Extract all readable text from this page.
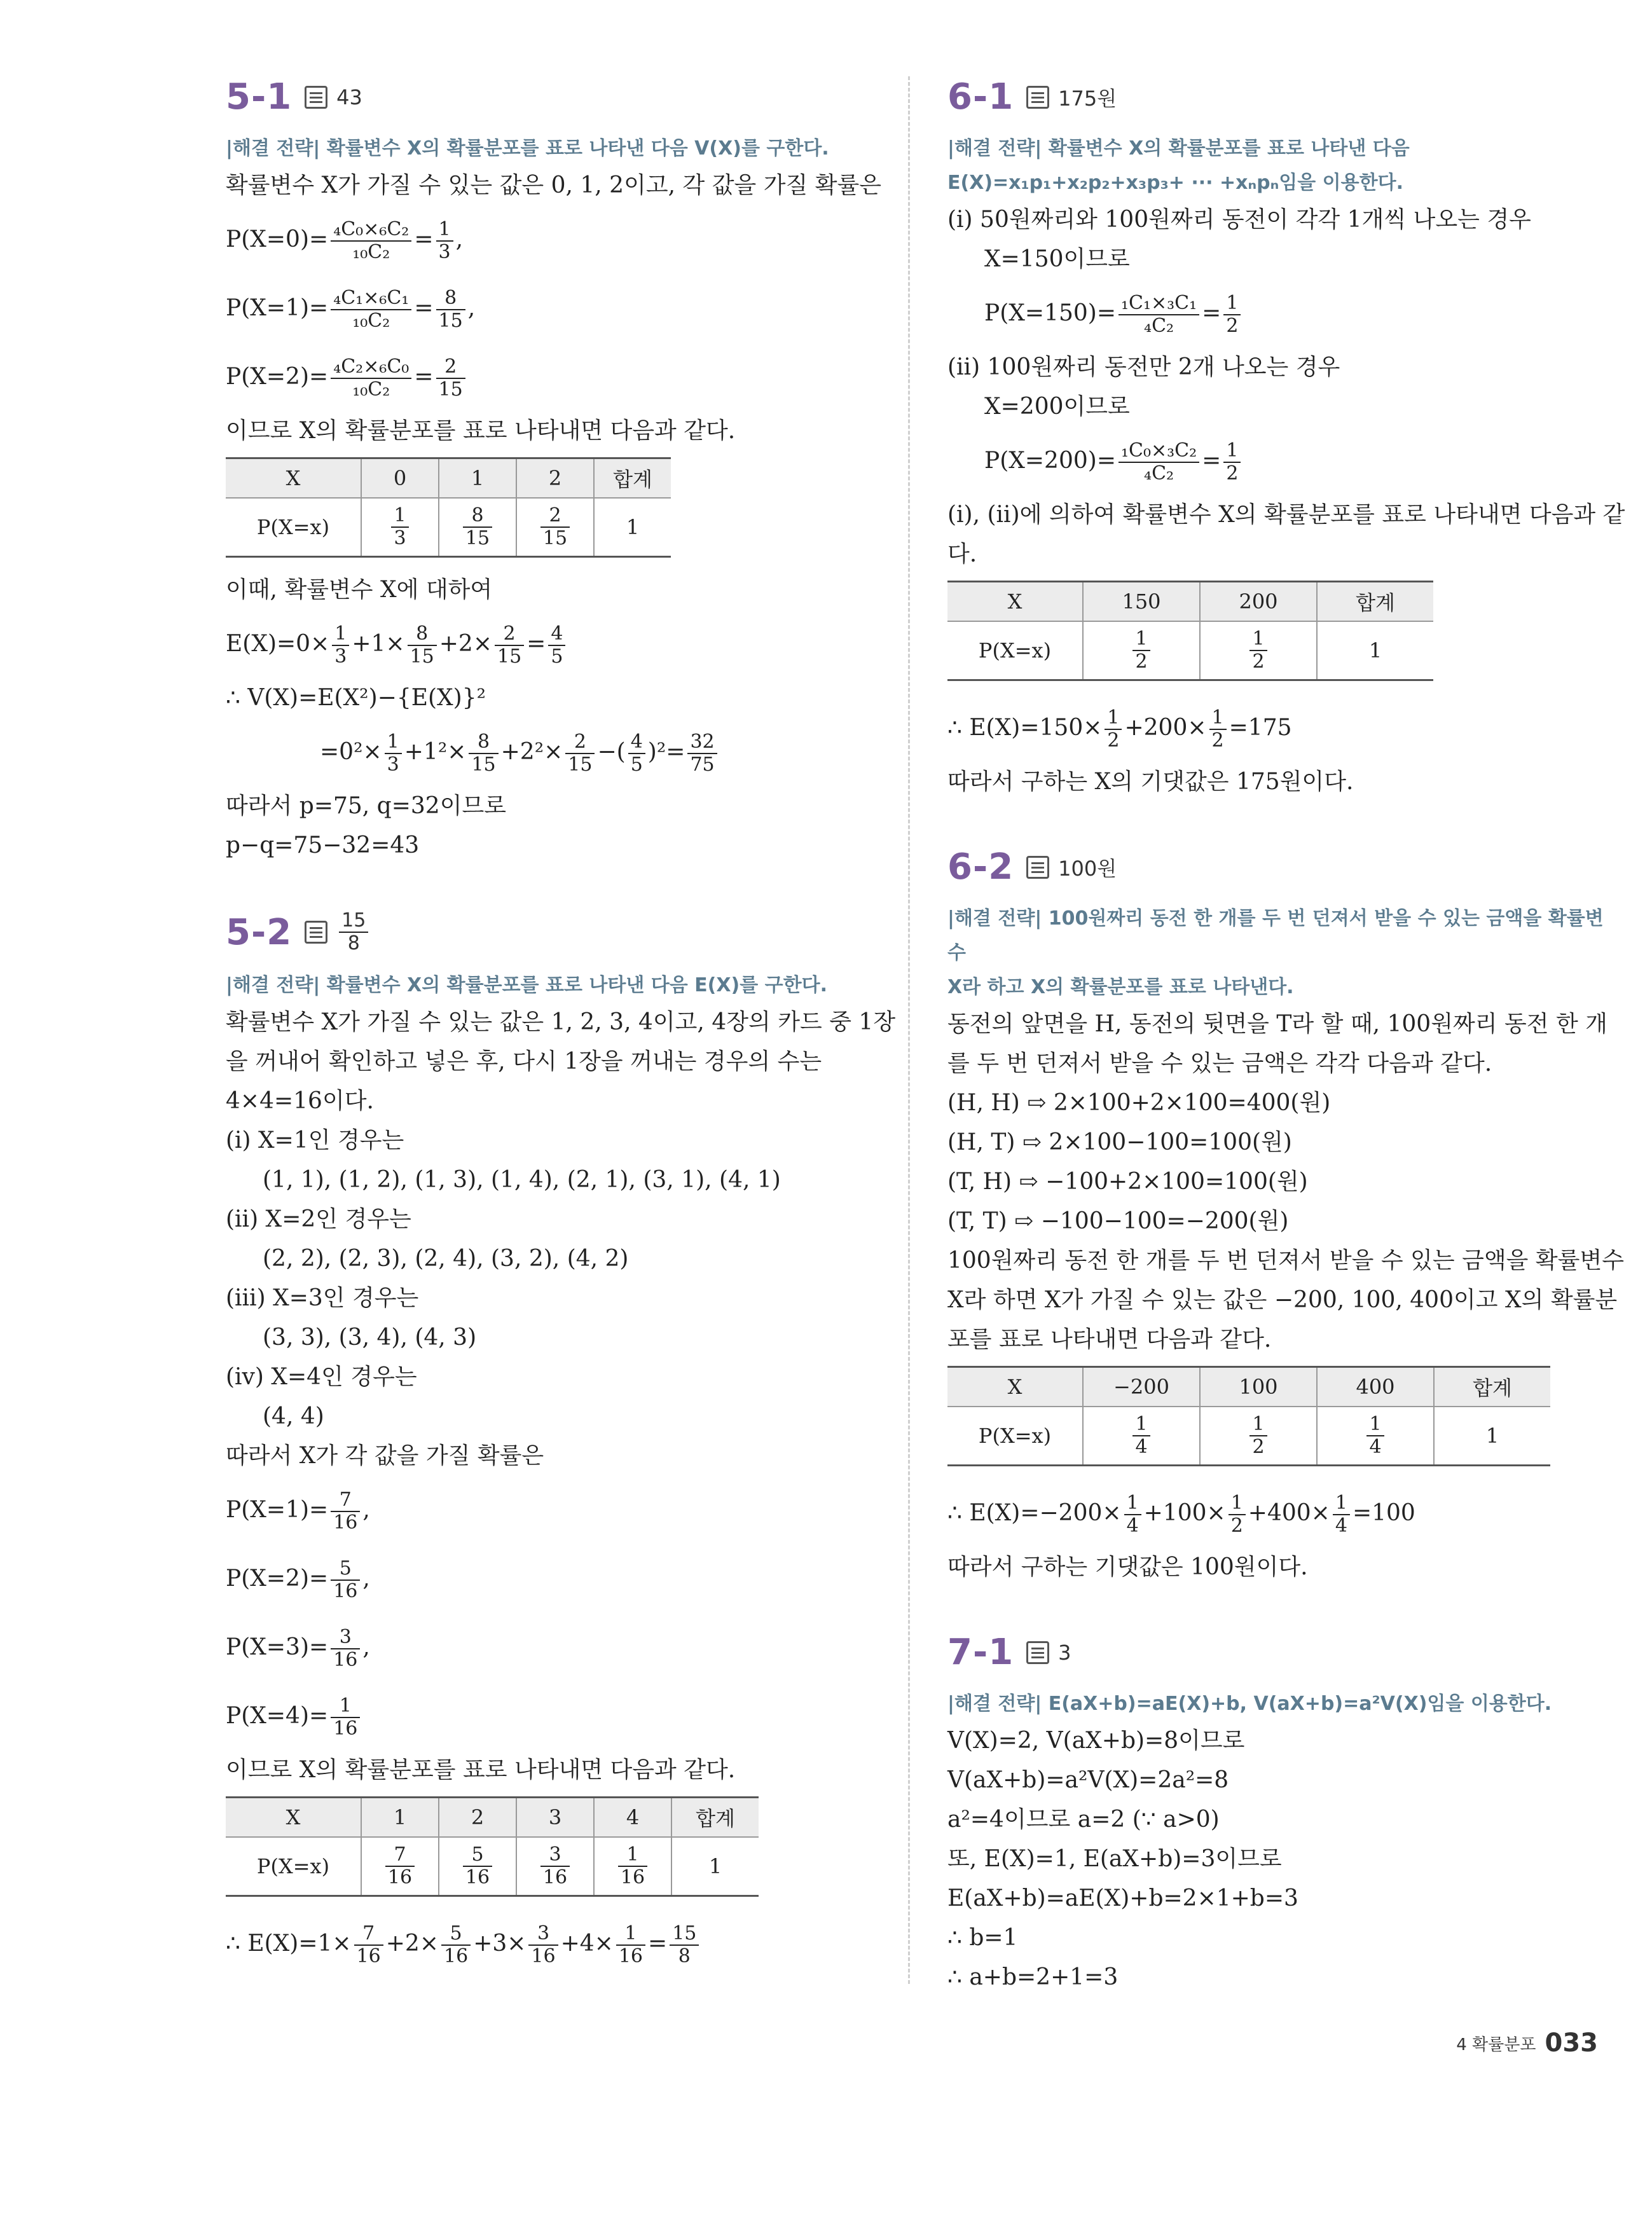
5-1 43
|해결 전략| 확률변수 X의 확률분포를 표로 나타낸 다음 V(X)를 구한다.
확률변수 X가 가질 수 있는 값은 0, 1, 2이고, 각 값을 가질 확률은
$P(X=0)= \frac{\text{₄C₀×₆C₂}}{\text{₁₀C₂}} = \frac{1}{3}$ ,
$P(X=1)= \frac{\text{₄C₁×₆C₁}}{\text{₁₀C₂}} = \frac{8}{15}$ ,
$P(X=2)= \frac{\text{₄C₂×₆C₀}}{\text{₁₀C₂}} = \frac{2}{15}$
이므로 X의 확률분포를 표로 나타내면 다음과 같다.
X	0	1	2	합계
P(X=x)	$\frac{1}{3}$	$\frac{8}{15}$	$\frac{2}{15}$	1
이때, 확률변수 X에 대하여
$E(X)=0\times \frac{1}{3} +1\times \frac{8}{15} +2\times \frac{2}{15} = \frac{4}{5}$
∴ V(X)=E(X²)−{E(X)}²
$=0^2\times \frac{1}{3} +1^2\times \frac{8}{15} +2^2\times \frac{2}{15}$ −( $\frac{4}{5} )^2= \frac{32}{75}$
따라서 p=75, q=32이므로
p−q=75−32=43
$5-2 \frac{15}{8}$
|해결 전략| 확률변수 X의 확률분포를 표로 나타낸 다음 E(X)를 구한다.
확률변수 X가 가질 수 있는 값은 1, 2, 3, 4이고, 4장의 카드 중 1장
을 꺼내어 확인하고 넣은 후, 다시 1장을 꺼내는 경우의 수는
4×4=16이다.
(ⅰ) X=1인 경우는
(1, 1), (1, 2), (1, 3), (1, 4), (2, 1), (3, 1), (4, 1)
(ⅱ) X=2인 경우는
(2, 2), (2, 3), (2, 4), (3, 2), (4, 2)
(ⅲ) X=3인 경우는
(3, 3), (3, 4), (4, 3)
(ⅳ) X=4인 경우는
(4, 4)
따라서 X가 각 값을 가질 확률은
$P(X=1)= \frac{7}{16}$ ,
$P(X=2)= \frac{5}{16}$ ,
$P(X=3)= \frac{3}{16}$ ,
$P(X=4)= \frac{1}{16}$
이므로 X의 확률분포를 표로 나타내면 다음과 같다.
X	1	2	3	4	합계
P(X=x)	$\frac{7}{16}$	$\frac{5}{16}$	$\frac{3}{16}$	$\frac{1}{16}$	1
∴ $E(X)=1\times \frac{7}{16} +2\times \frac{5}{16} +3\times \frac{3}{16} +4\times \frac{1}{16} = \frac{15}{8}$
6-1 175원
|해결 전략| 확률변수 X의 확률분포를 표로 나타낸 다음
E(X)=x₁p₁+x₂p₂+x₃p₃+ ··· +xₙpₙ임을 이용한다.
(ⅰ) 50원짜리와 100원짜리 동전이 각각 1개씩 나오는 경우
X=150이므로
$P(X=150)= \frac{\text{₁C₁×₃C₁}}{\text{₄C₂}} = \frac{1}{2}$
(ⅱ) 100원짜리 동전만 2개 나오는 경우
X=200이므로
$P(X=200)= \frac{\text{₁C₀×₃C₂}}{\text{₄C₂}} = \frac{1}{2}$
(ⅰ), (ⅱ)에 의하여 확률변수 X의 확률분포를 표로 나타내면 다음과 같
다.
X	150	200	합계
P(X=x)	$\frac{1}{2}$	$\frac{1}{2}$	1
∴ $E(X)=150\times \frac{1}{2} +200\times \frac{1}{2} =175$
따라서 구하는 X의 기댓값은 175원이다.
6-2 100원
|해결 전략| 100원짜리 동전 한 개를 두 번 던져서 받을 수 있는 금액을 확률변수
X라 하고 X의 확률분포를 표로 나타낸다.
동전의 앞면을 H, 동전의 뒷면을 T라 할 때, 100원짜리 동전 한 개
를 두 번 던져서 받을 수 있는 금액은 각각 다음과 같다.
(H, H) ⇨ 2×100+2×100=400(원)
(H, T) ⇨ 2×100−100=100(원)
(T, H) ⇨ −100+2×100=100(원)
(T, T) ⇨ −100−100=−200(원)
100원짜리 동전 한 개를 두 번 던져서 받을 수 있는 금액을 확률변수
X라 하면 X가 가질 수 있는 값은 −200, 100, 400이고 X의 확률분
포를 표로 나타내면 다음과 같다.
X	−200	100	400	합계
P(X=x)	$\frac{1}{4}$	$\frac{1}{2}$	$\frac{1}{4}$	1
∴ $E(X)=-200\times \frac{1}{4} +100\times \frac{1}{2} +400\times \frac{1}{4} =100$
따라서 구하는 기댓값은 100원이다.
7-1 3
|해결 전략| E(aX+b)=aE(X)+b, V(aX+b)=a²V(X)임을 이용한다.
V(X)=2, V(aX+b)=8이므로
V(aX+b)=a²V(X)=2a²=8
a²=4이므로 a=2 (∵ a>0)
또, E(X)=1, E(aX+b)=3이므로
E(aX+b)=aE(X)+b=2×1+b=3
∴ b=1
∴ a+b=2+1=3
4 확률분포 033
